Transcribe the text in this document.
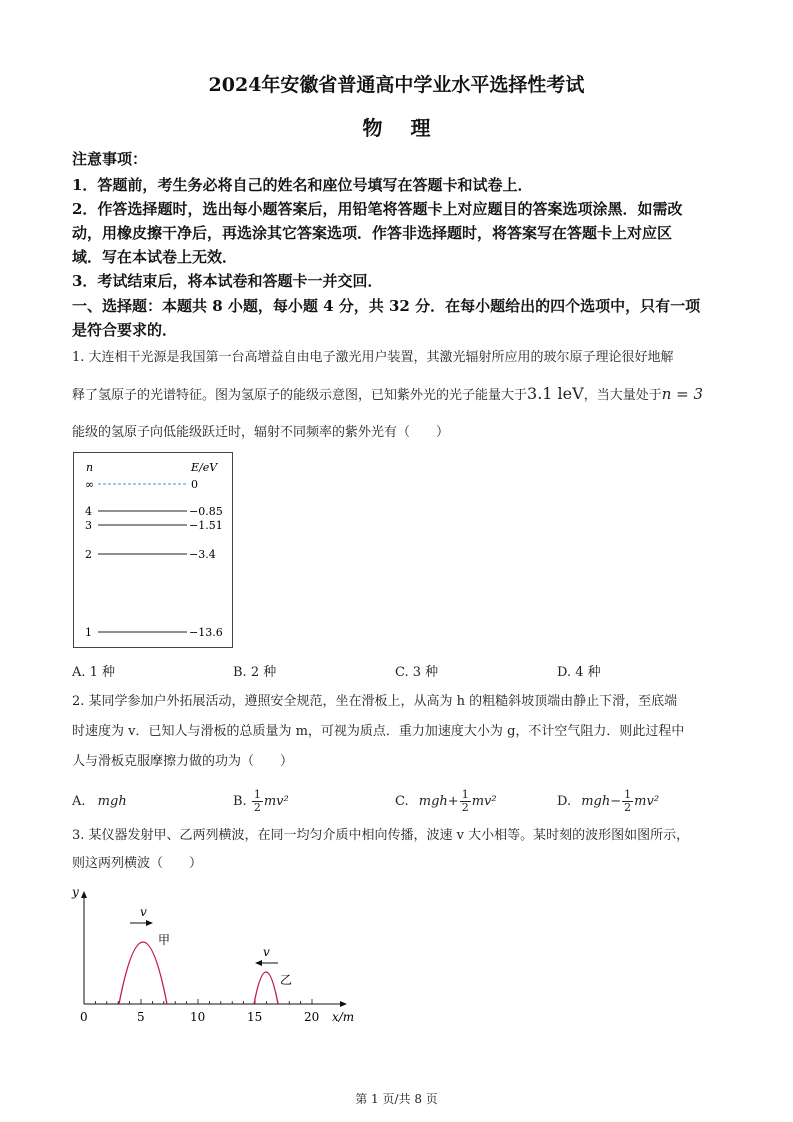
2024年安徽省普通高中学业水平选择性考试
物理
注意事项：
1．答题前，考生务必将自己的姓名和座位号填写在答题卡和试卷上．
2．作答选择题时，选出每小题答案后，用铅笔将答题卡上对应题目的答案选项涂黑．如需改
动，用橡皮擦干净后，再选涂其它答案选项．作答非选择题时，将答案写在答题卡上对应区
域．写在本试卷上无效．
3．考试结束后，将本试卷和答题卡一并交回．
一、选择题：本题共 8 小题，每小题 4 分，共 32 分．在每小题给出的四个选项中，只有一项
是符合要求的．
1. 大连相干光源是我国第一台高增益自由电子激光用户装置，其激光辐射所应用的玻尔原子理论很好地解
释了氢原子的光谱特征。图为氢原子的能级示意图，已知紫外光的光子能量大于3.1 leV，当大量处于n = 3
能级的氢原子向低能级跃迁时，辐射不同频率的紫外光有（　　）
n	E/eV
∞	0
4	−0.85
3	−1.51
2	−3.4
1	−13.6
A. 1 种	B. 2 种	C. 3 种	D. 4 种
2. 某同学参加户外拓展活动，遵照安全规范，坐在滑板上，从高为 h 的粗糙斜坡顶端由静止下滑，至底端
时速度为 v．已知人与滑板的总质量为 m，可视为质点．重力加速度大小为 g，不计空气阻力．则此过程中
人与滑板克服摩擦力做的功为（　　）
A. mgh	B. $\frac{1}{2} mv^2$	C. $mgh+ \frac{1}{2} mv^2$	D. $mgh- \frac{1}{2} mv^2$
3. 某仪器发射甲、乙两列横波，在同一均匀介质中相向传播，波速 v 大小相等。某时刻的波形图如图所示，
则这两列横波（　　）
y
x/m
0	5	10	15	20
甲
乙
v
v
第 1 页/共 8 页
